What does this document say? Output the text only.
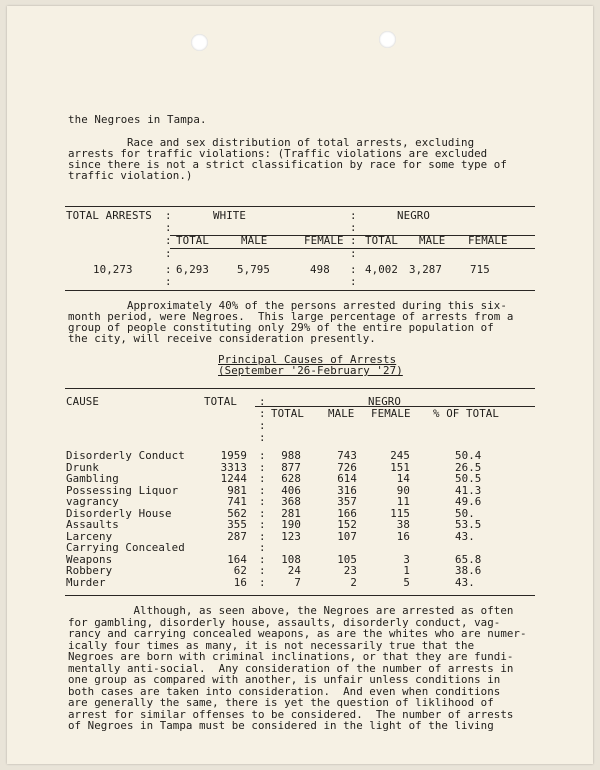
the Negroes in Tampa.
Race and sex distribution of total arrests, excluding
arrests for traffic violations: (Traffic violations are excluded
since there is not a strict classification by race for some type of
traffic violation.)
TOTAL ARRESTS	WHITE	NEGRO
TOTAL	MALE	FEMALE TOTAL MALE FEMALE
10,273	6,293	5,795	498	4,002 3,287	715
:
:
:
:
:
:
:
:
:
:
:
:
Approximately 40% of the persons arrested during this six-
month period, were Negroes.  This large percentage of arrests from a
group of people constituting only 29% of the entire population of
the city, will receive consideration presently.
Principal Causes of Arrests
(September '26-February '27)
CAUSE	TOTAL	NEGRO
TOTAL MALE FEMALE % OF TOTAL
Disorderly Conduct	1959	988	743	245	50.4
Drunk	3313	877	726	151	26.5
Gambling	1244	628	614	14	50.5
Possessing Liquor	981	406	316	90	41.3
vagrancy	741	368	357	11	49.6
Disorderly House	562	281	166	115	50.
Assaults	355	190	152	38	53.5
Larceny	287	123	107	16	43.
Carrying Concealed
Weapons	164	108	105	3	65.8
Robbery	62	24	23	1	38.6
Murder	16	7	2	5	43.
:
:
:
:
:
:
:
:
:
:
:
:
:
:
:
:
Although, as seen above, the Negroes are arrested as often
for gambling, disorderly house, assaults, disorderly conduct, vag-
rancy and carrying concealed weapons, as are the whites who are numer-
ically four times as many, it is not necessarily true that the
Negroes are born with criminal inclinations, or that they are fundi-
mentally anti-social.  Any consideration of the number of arrests in
one group as compared with another, is unfair unless conditions in
both cases are taken into consideration.  And even when conditions
are generally the same, there is yet the question of liklihood of
arrest for similar offenses to be considered.  The number of arrests
of Negroes in Tampa must be considered in the light of the living
